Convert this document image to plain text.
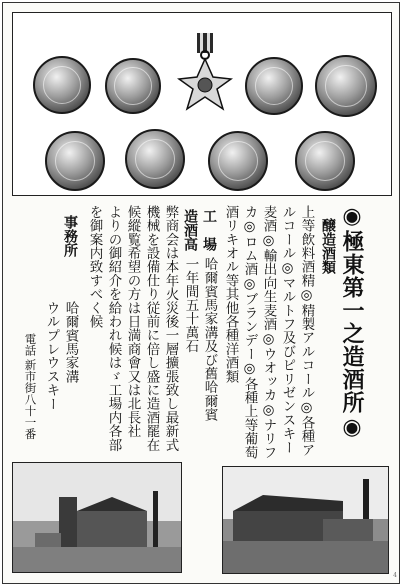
◉極東第一之造酒所◉
醸造酒類
上等飲料酒精◎精製アルコール◎各種ア
ルコール◎マルトフ及びピリゼンスキー
麦酒◎輸出向生麦酒◎ウオッカ◎ナリフ
カ◎ロム酒◎ブランデー◎各種上等葡萄
酒リキオル等其他各種洋酒類
工　場
哈爾賓馬家溝及び舊哈爾賓
造酒高
一年間五十萬石
弊商会は本年火災後一層擴張致し最新式
機械を設備仕り従前に倍し盛に造酒罷在
候縱覧希望の方は日満商會又は北長社
よりの御紹介を給われ候はゞ工場内各部
を御案内致すべく候
事務所
哈爾賓馬家溝
ウルプレウスキー
電話
新市街八十一番
4
